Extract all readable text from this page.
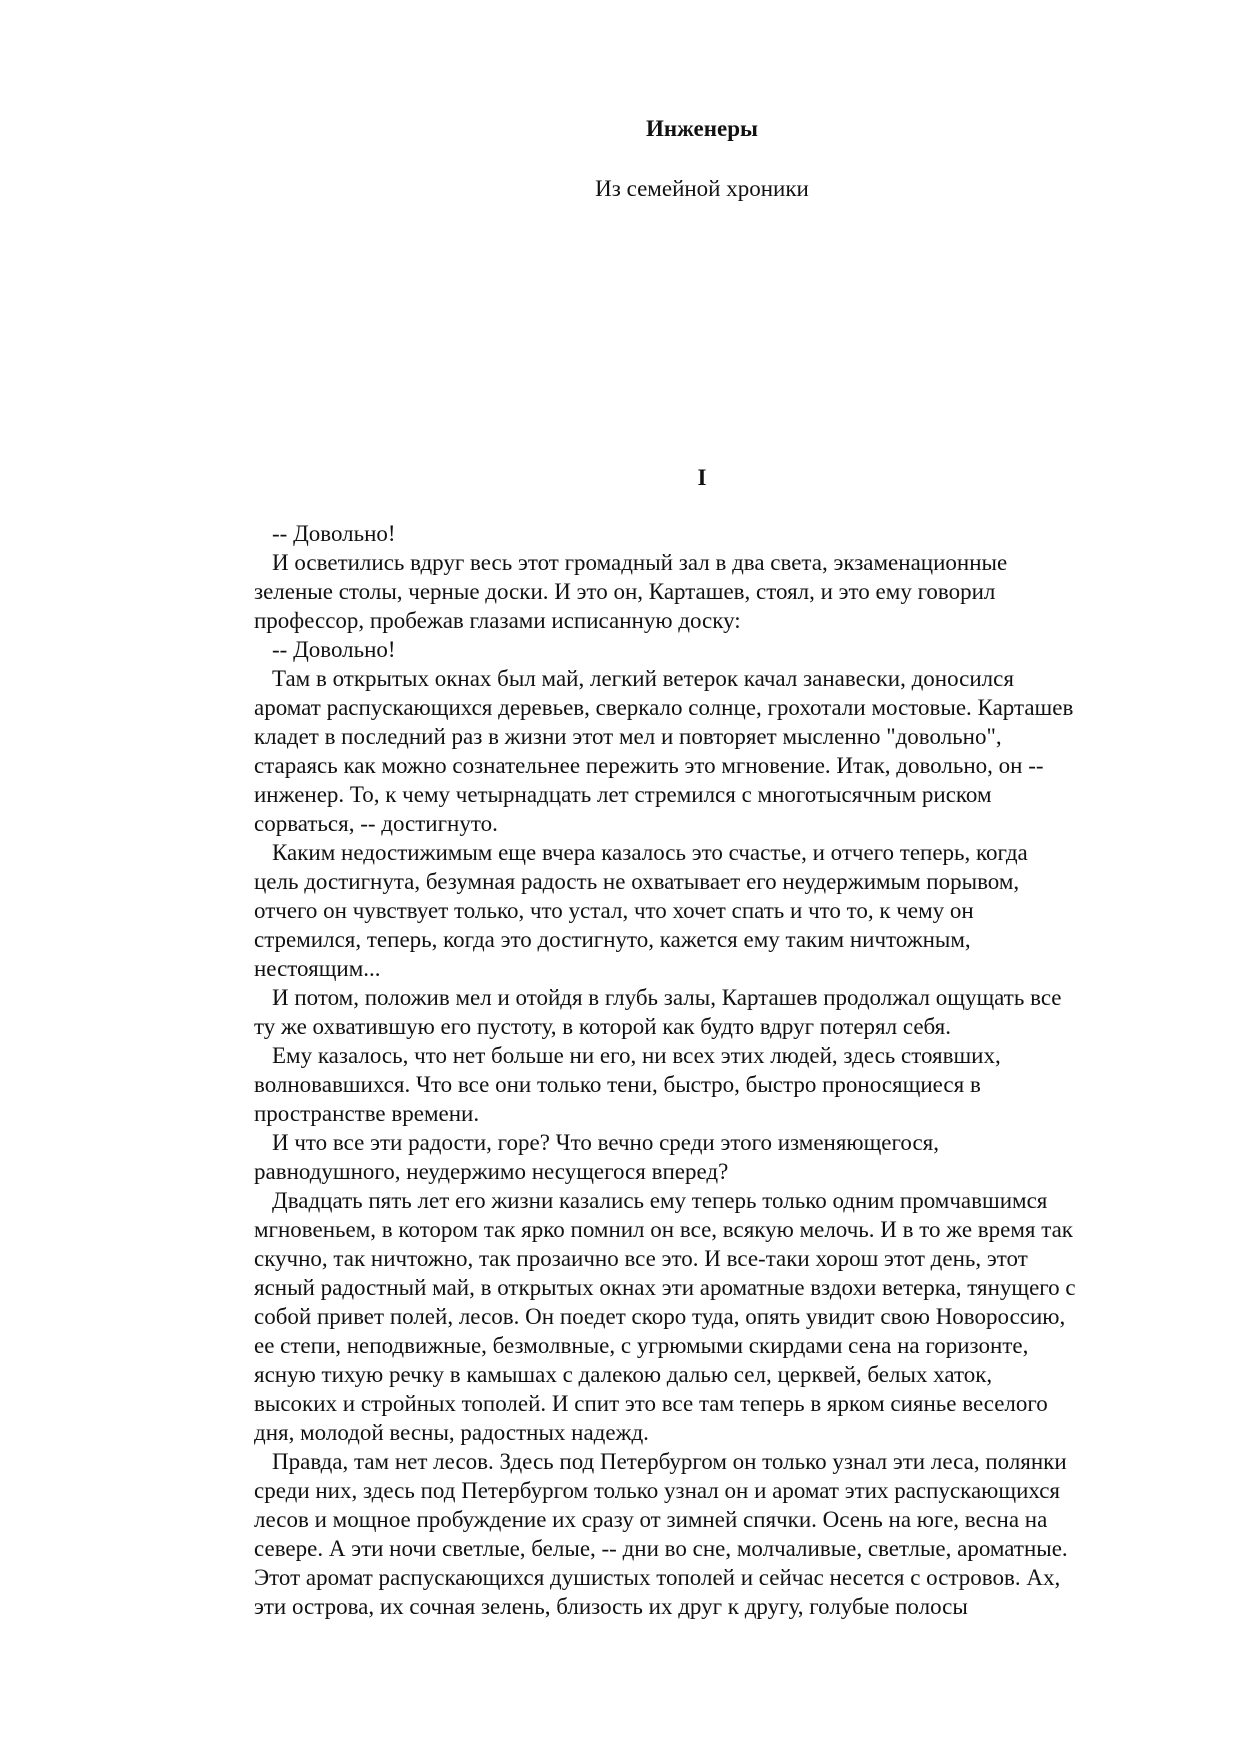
Инженеры

Из семейной хроники

I
-- Довольно!
И осветились вдруг весь этот громадный зал в два света, экзаменационные
зеленые столы, черные доски. И это он, Карташев, стоял, и это ему говорил
профессор, пробежав глазами исписанную доску:
-- Довольно!
Там в открытых окнах был май, легкий ветерок качал занавески, доносился
аромат распускающихся деревьев, сверкало солнце, грохотали мостовые. Карташев
кладет в последний раз в жизни этот мел и повторяет мысленно "довольно",
стараясь как можно сознательнее пережить это мгновение. Итак, довольно, он --
инженер. То, к чему четырнадцать лет стремился с многотысячным риском
сорваться, -- достигнуто.
Каким недостижимым еще вчера казалось это счастье, и отчего теперь, когда
цель достигнута, безумная радость не охватывает его неудержимым порывом,
отчего он чувствует только, что устал, что хочет спать и что то, к чему он
стремился, теперь, когда это достигнуто, кажется ему таким ничтожным,
нестоящим...
И потом, положив мел и отойдя в глубь залы, Карташев продолжал ощущать все
ту же охватившую его пустоту, в которой как будто вдруг потерял себя.
Ему казалось, что нет больше ни его, ни всех этих людей, здесь стоявших,
волновавшихся. Что все они только тени, быстро, быстро проносящиеся в
пространстве времени.
И что все эти радости, горе? Что вечно среди этого изменяющегося,
равнодушного, неудержимо несущегося вперед?
Двадцать пять лет его жизни казались ему теперь только одним промчавшимся
мгновеньем, в котором так ярко помнил он все, всякую мелочь. И в то же время так
скучно, так ничтожно, так прозаично все это. И все-таки хорош этот день, этот
ясный радостный май, в открытых окнах эти ароматные вздохи ветерка, тянущего с
собой привет полей, лесов. Он поедет скоро туда, опять увидит свою Новороссию,
ее степи, неподвижные, безмолвные, с угрюмыми скирдами сена на горизонте,
ясную тихую речку в камышах с далекою далью сел, церквей, белых хаток,
высоких и стройных тополей. И спит это все там теперь в ярком сиянье веселого
дня, молодой весны, радостных надежд.
Правда, там нет лесов. Здесь под Петербургом он только узнал эти леса, полянки
среди них, здесь под Петербургом только узнал он и аромат этих распускающихся
лесов и мощное пробуждение их сразу от зимней спячки. Осень на юге, весна на
севере. А эти ночи светлые, белые, -- дни во сне, молчаливые, светлые, ароматные.
Этот аромат распускающихся душистых тополей и сейчас несется с островов. Ах,
эти острова, их сочная зелень, близость их друг к другу, голубые полосы
